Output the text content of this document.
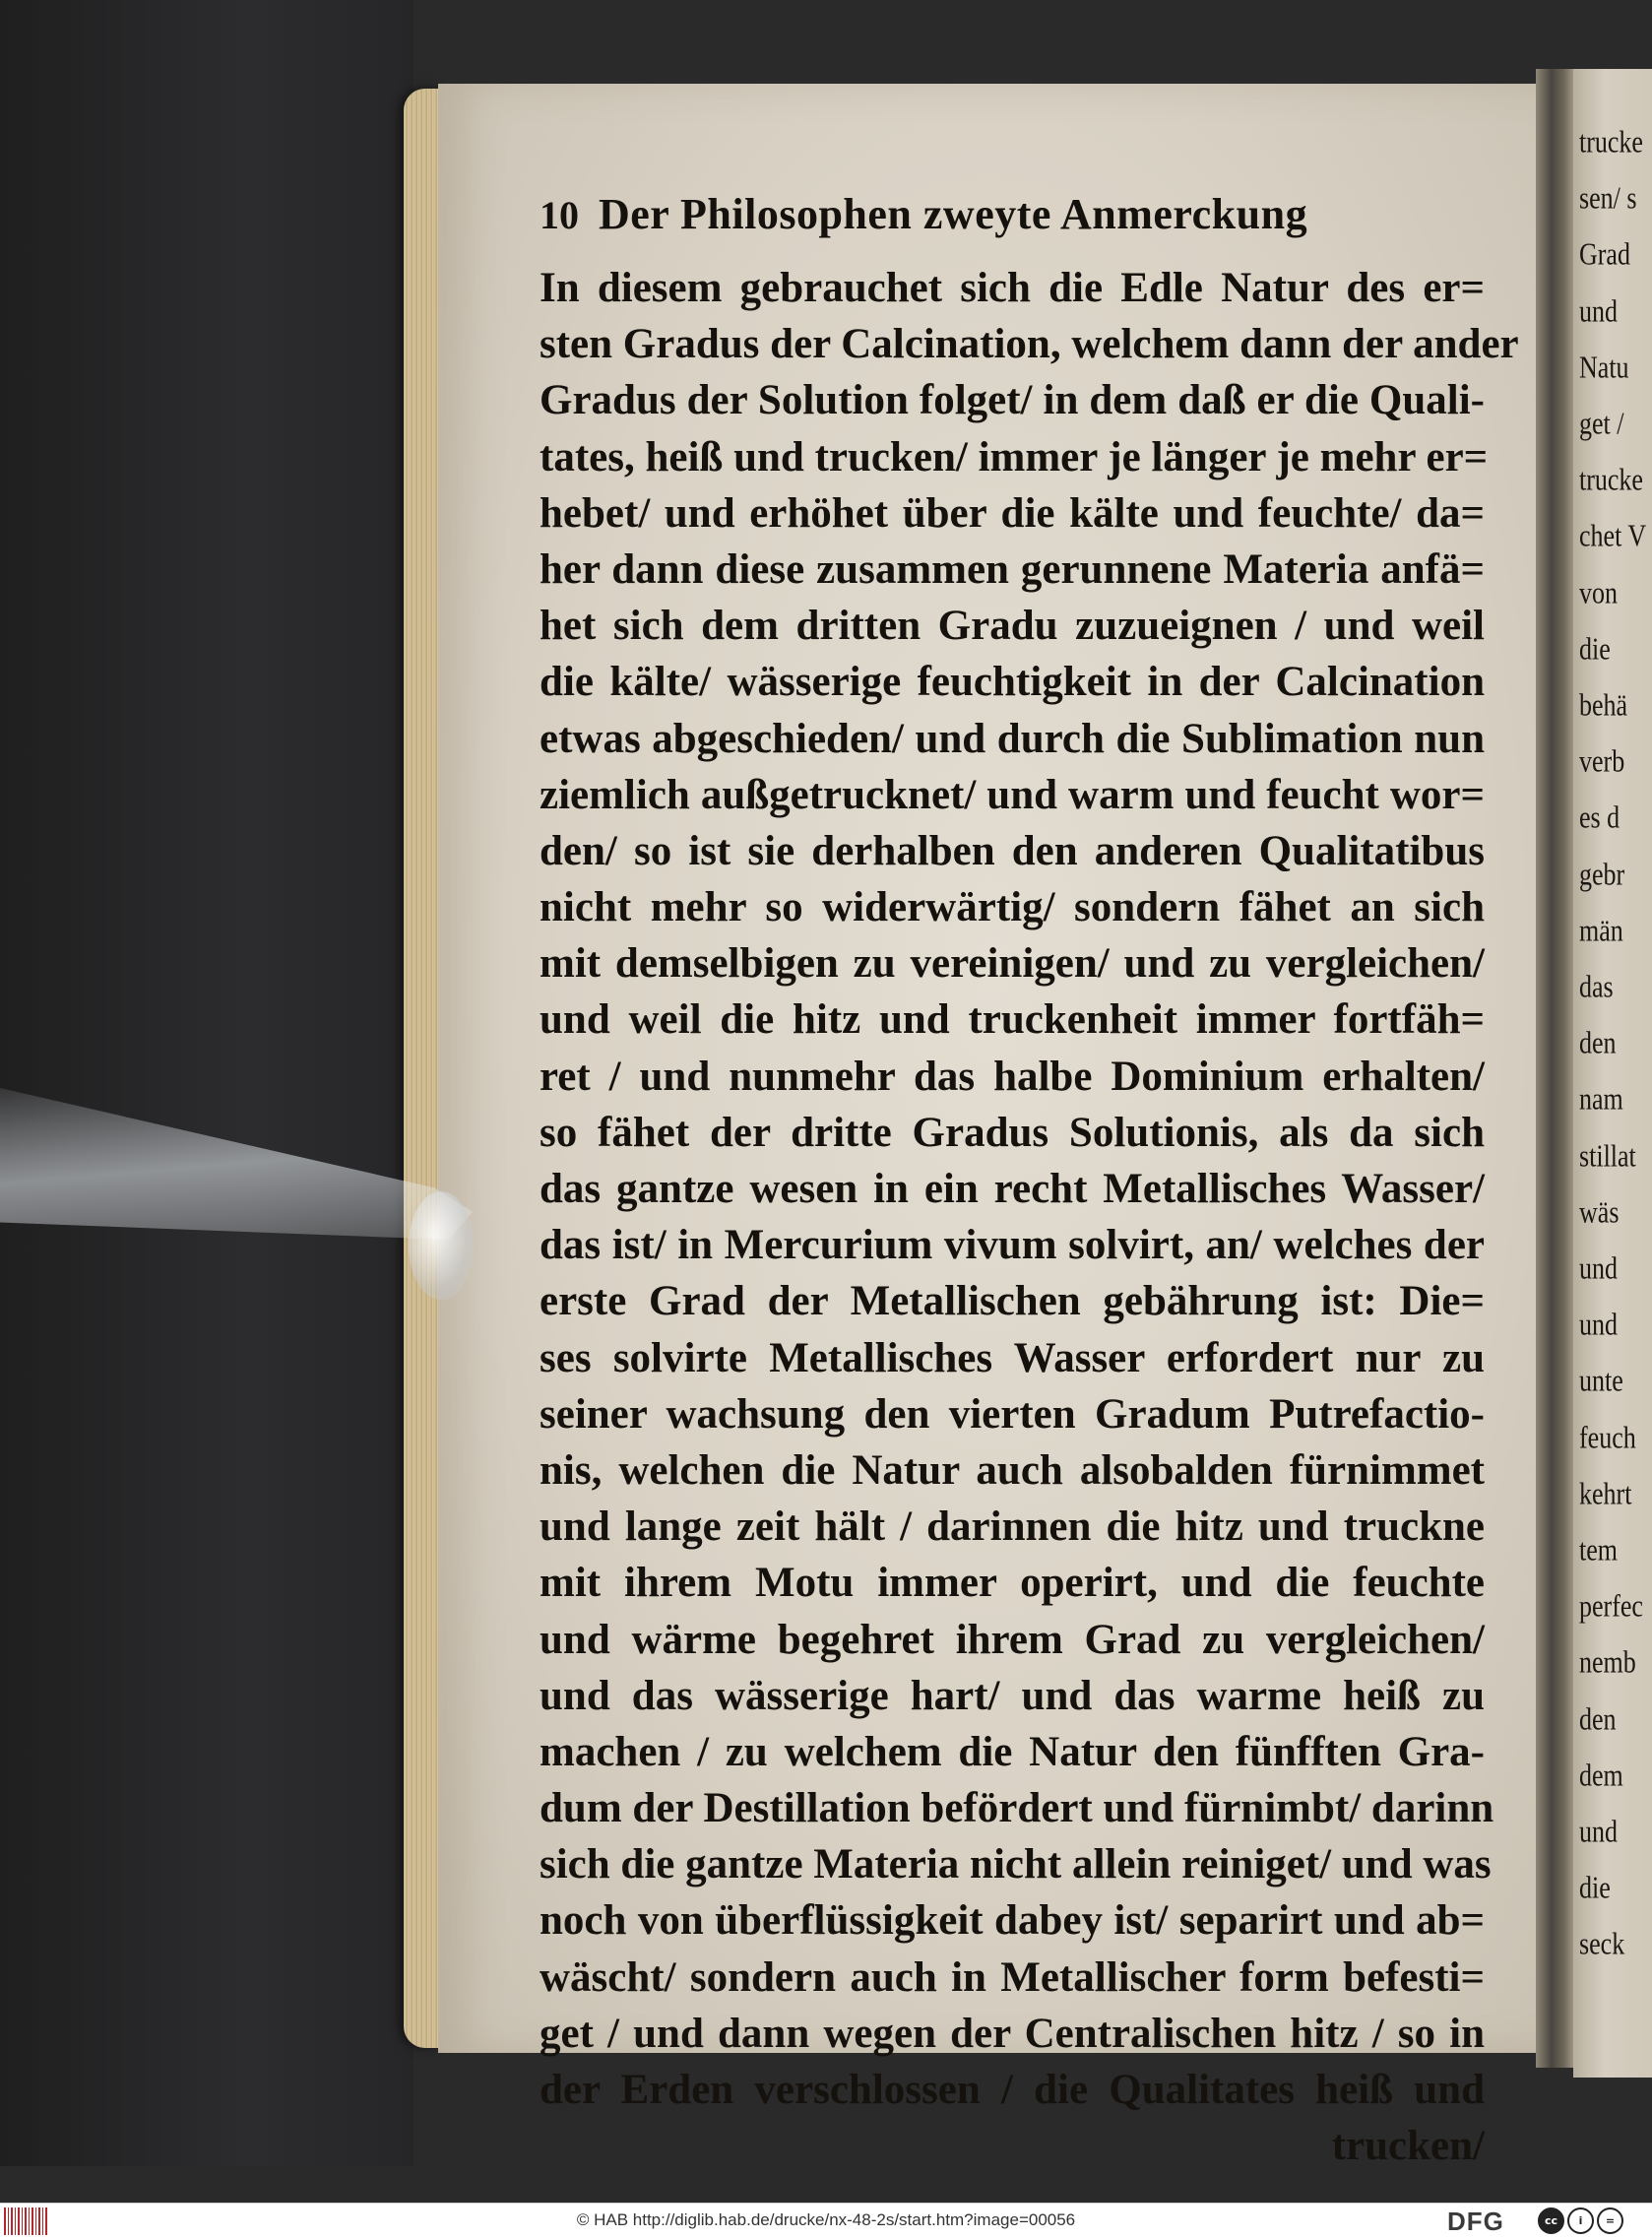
10 Der Philosophen zweyte Anmerckung
In diesem gebrauchet sich die Edle Natur des er=
sten Gradus der Calcination, welchem dann der ander
Gradus der Solution folget/ in dem daß er die Quali-
tates, heiß und trucken/ immer je länger je mehr er=
hebet/ und erhöhet über die kälte und feuchte/ da=
her dann diese zusammen gerunnene Materia anfä=
het sich dem dritten Gradu zuzueignen / und weil
die kälte/ wässerige feuchtigkeit in der Calcination
etwas abgeschieden/ und durch die Sublimation nun
ziemlich außgetrucknet/ und warm und feucht wor=
den/ so ist sie derhalben den anderen Qualitatibus
nicht mehr so widerwärtig/ sondern fähet an sich
mit demselbigen zu vereinigen/ und zu vergleichen/
und weil die hitz und truckenheit immer fortfäh=
ret / und nunmehr das halbe Dominium erhalten/
so fähet der dritte Gradus Solutionis, als da sich
das gantze wesen in ein recht Metallisches Wasser/
das ist/ in Mercurium vivum solvirt, an/ welches der
erste Grad der Metallischen gebährung ist: Die=
ses solvirte Metallisches Wasser erfordert nur zu
seiner wachsung den vierten Gradum Putrefactio-
nis, welchen die Natur auch alsobalden fürnimmet
und lange zeit hält / darinnen die hitz und truckne
mit ihrem Motu immer operirt, und die feuchte
und wärme begehret ihrem Grad zu vergleichen/
und das wässerige hart/ und das warme heiß zu
machen / zu welchem die Natur den fünfften Gra-
dum der Destillation befördert und fürnimbt/ darinn
sich die gantze Materia nicht allein reiniget/ und was
noch von überflüssigkeit dabey ist/ separirt und ab=
wäscht/ sondern auch in Metallischer form befesti=
get / und dann wegen der Centralischen hitz / so in
der Erden verschlossen / die Qualitates heiß und
trucken/
trucke
sen/ s
Grad
und
Natu
get /
trucke
chet V
von
die
behä
verb
es d
gebr
män
das
den
nam
stillat
wäs
und
und
unte
feuch
kehrt
tem
perfec
nemb
den
dem
und
die
seck
© HAB http://diglib.hab.de/drucke/nx-48-2s/start.htm?image=00056	DFG	cc	i	=
